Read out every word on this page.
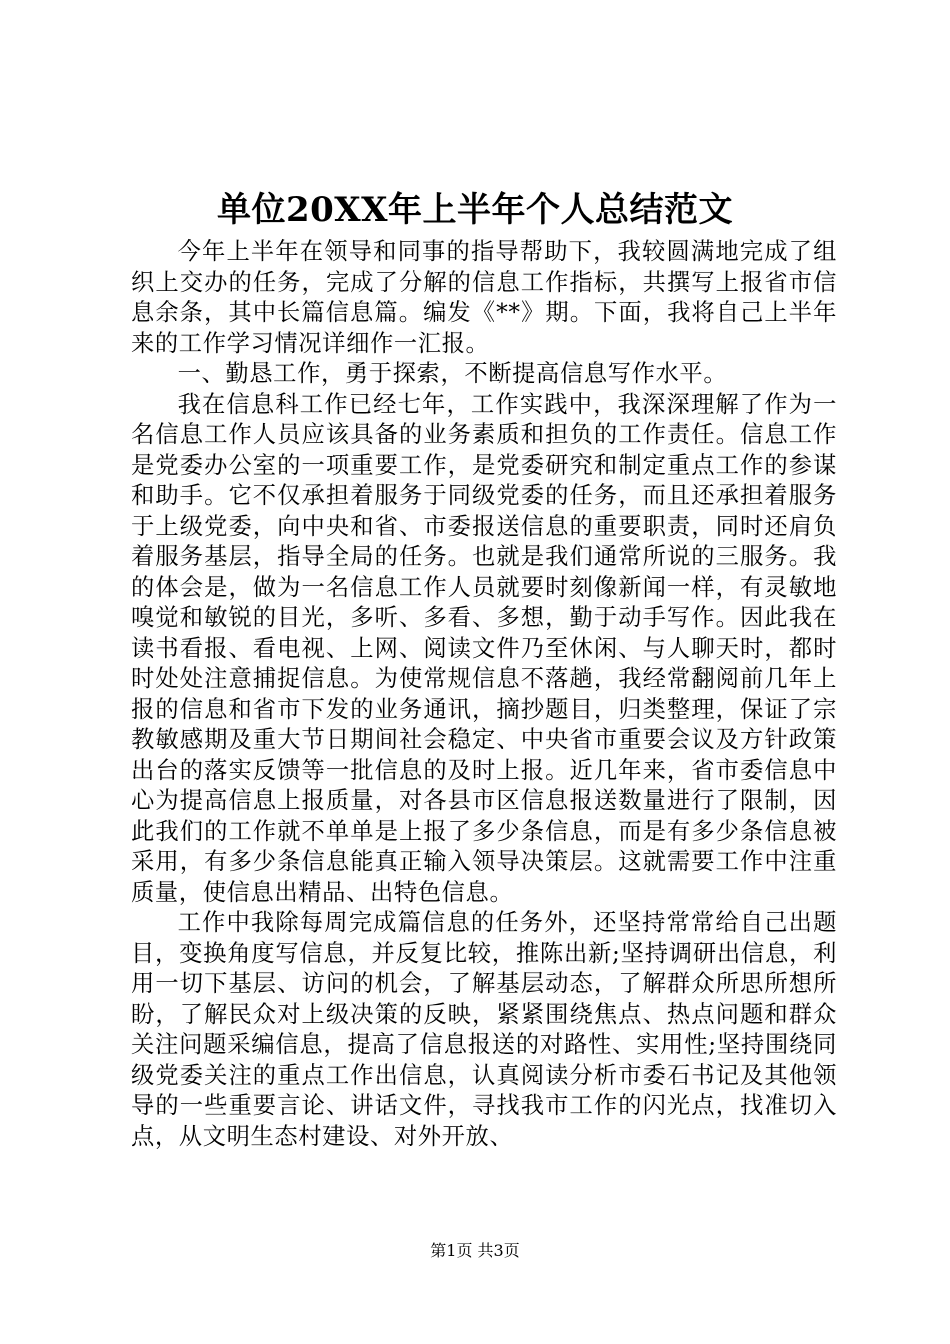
单位20XX年上半年个人总结范文

今年上半年在领导和同事的指导帮助下，我较圆满地完成了组织上交办的任务，完成了分解的信息工作指标，共撰写上报省市信息余条，其中长篇信息篇。编发《**》期。下面，我将自己上半年来的工作学习情况详细作一汇报。

一、勤恳工作，勇于探索，不断提高信息写作水平。

我在信息科工作已经七年，工作实践中，我深深理解了作为一名信息工作人员应该具备的业务素质和担负的工作责任。信息工作是党委办公室的一项重要工作，是党委研究和制定重点工作的参谋和助手。它不仅承担着服务于同级党委的任务，而且还承担着服务于上级党委，向中央和省、市委报送信息的重要职责，同时还肩负着服务基层，指导全局的任务。也就是我们通常所说的三服务。我的体会是，做为一名信息工作人员就要时刻像新闻一样，有灵敏地嗅觉和敏锐的目光，多听、多看、多想，勤于动手写作。因此我在读书看报、看电视、上网、阅读文件乃至休闲、与人聊天时，都时时处处注意捕捉信息。为使常规信息不落趟，我经常翻阅前几年上报的信息和省市下发的业务通讯，摘抄题目，归类整理，保证了宗教敏感期及重大节日期间社会稳定、中央省市重要会议及方针政策出台的落实反馈等一批信息的及时上报。近几年来，省市委信息中心为提高信息上报质量，对各县市区信息报送数量进行了限制，因此我们的工作就不单单是上报了多少条信息，而是有多少条信息被采用，有多少条信息能真正输入领导决策层。这就需要工作中注重质量，使信息出精品、出特色信息。

工作中我除每周完成篇信息的任务外，还坚持常常给自己出题目，变换角度写信息，并反复比较，推陈出新;坚持调研出信息，利用一切下基层、访问的机会，了解基层动态，了解群众所思所想所盼，了解民众对上级决策的反映，紧紧围绕焦点、热点问题和群众关注问题采编信息，提高了信息报送的对路性、实用性;坚持围绕同级党委关注的重点工作出信息，认真阅读分析市委石书记及其他领导的一些重要言论、讲话文件，寻找我市工作的闪光点，找准切入点，从文明生态村建设、对外开放、

第1页 共3页
